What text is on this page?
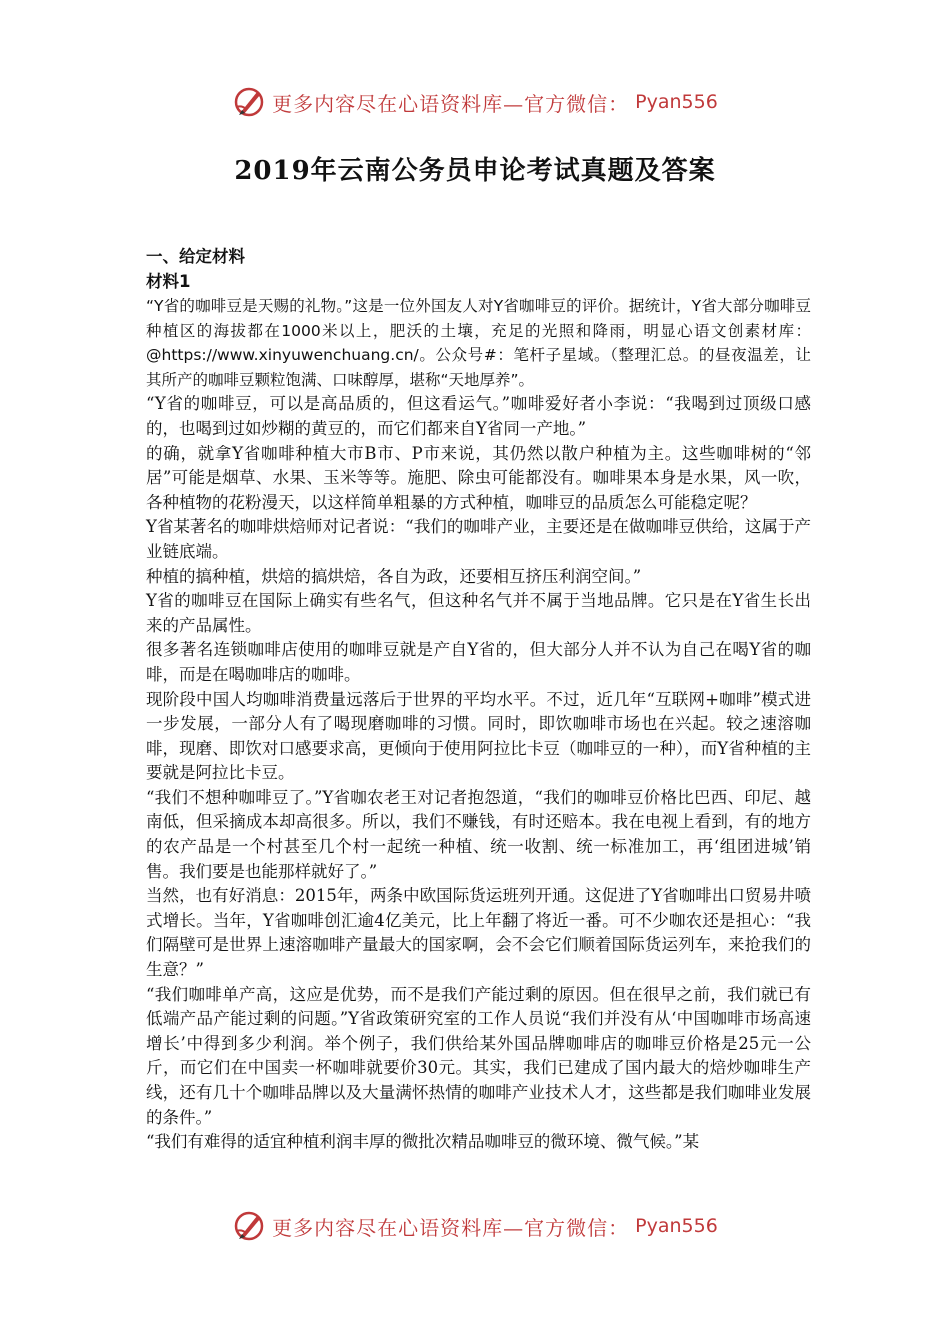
更多内容尽在心语资料库—官方微信： Pyan556
2019年云南公务员申论考试真题及答案

一、给定材料

材料1

“Y省的咖啡豆是天赐的礼物。”这是一位外国友人对Y省咖啡豆的评价。据统计，Y省大部分咖啡豆种植区的海拔都在1000米以上，肥沃的土壤，充足的光照和降雨，明显心语文创素材库：@https://www.xinyuwenchuang.cn/。公众号#：笔杆子星域。（整理汇总。的昼夜温差，让其所产的咖啡豆颗粒饱满、口味醇厚，堪称“天地厚养”。

“Y省的咖啡豆，可以是高品质的，但这看运气。”咖啡爱好者小李说：“我喝到过顶级口感的，也喝到过如炒糊的黄豆的，而它们都来自Y省同一产地。”

的确，就拿Y省咖啡种植大市B市、P市来说，其仍然以散户种植为主。这些咖啡树的“邻居”可能是烟草、水果、玉米等等。施肥、除虫可能都没有。咖啡果本身是水果，风一吹，各种植物的花粉漫天，以这样简单粗暴的方式种植，咖啡豆的品质怎么可能稳定呢？

Y省某著名的咖啡烘焙师对记者说：“我们的咖啡产业，主要还是在做咖啡豆供给，这属于产业链底端。

种植的搞种植，烘焙的搞烘焙，各自为政，还要相互挤压利润空间。”

Y省的咖啡豆在国际上确实有些名气，但这种名气并不属于当地品牌。它只是在Y省生长出来的产品属性。

很多著名连锁咖啡店使用的咖啡豆就是产自Y省的，但大部分人并不认为自己在喝Y省的咖啡，而是在喝咖啡店的咖啡。

现阶段中国人均咖啡消费量远落后于世界的平均水平。不过，近几年“互联网+咖啡”模式进一步发展，一部分人有了喝现磨咖啡的习惯。同时，即饮咖啡市场也在兴起。较之速溶咖啡，现磨、即饮对口感要求高，更倾向于使用阿拉比卡豆（咖啡豆的一种），而Y省种植的主要就是阿拉比卡豆。

“我们不想种咖啡豆了。”Y省咖农老王对记者抱怨道，“我们的咖啡豆价格比巴西、印尼、越南低，但采摘成本却高很多。所以，我们不赚钱，有时还赔本。我在电视上看到，有的地方的农产品是一个村甚至几个村一起统一种植、统一收割、统一标准加工，再‘组团进城’销售。我们要是也能那样就好了。”

当然，也有好消息：2015年，两条中欧国际货运班列开通。这促进了Y省咖啡出口贸易井喷式增长。当年，Y省咖啡创汇逾4亿美元，比上年翻了将近一番。可不少咖农还是担心：“我们隔壁可是世界上速溶咖啡产量最大的国家啊，会不会它们顺着国际货运列车，来抢我们的生意？”

“我们咖啡单产高，这应是优势，而不是我们产能过剩的原因。但在很早之前，我们就已有低端产品产能过剩的问题。”Y省政策研究室的工作人员说“我们并没有从‘中国咖啡市场高速增长’中得到多少利润。举个例子，我们供给某外国品牌咖啡店的咖啡豆价格是25元一公斤，而它们在中国卖一杯咖啡就要价30元。其实，我们已建成了国内最大的焙炒咖啡生产线，还有几十个咖啡品牌以及大量满怀热情的咖啡产业技术人才，这些都是我们咖啡业发展的条件。”

“我们有难得的适宜种植利润丰厚的微批次精品咖啡豆的微环境、微气候。”某

更多内容尽在心语资料库—官方微信： Pyan556
